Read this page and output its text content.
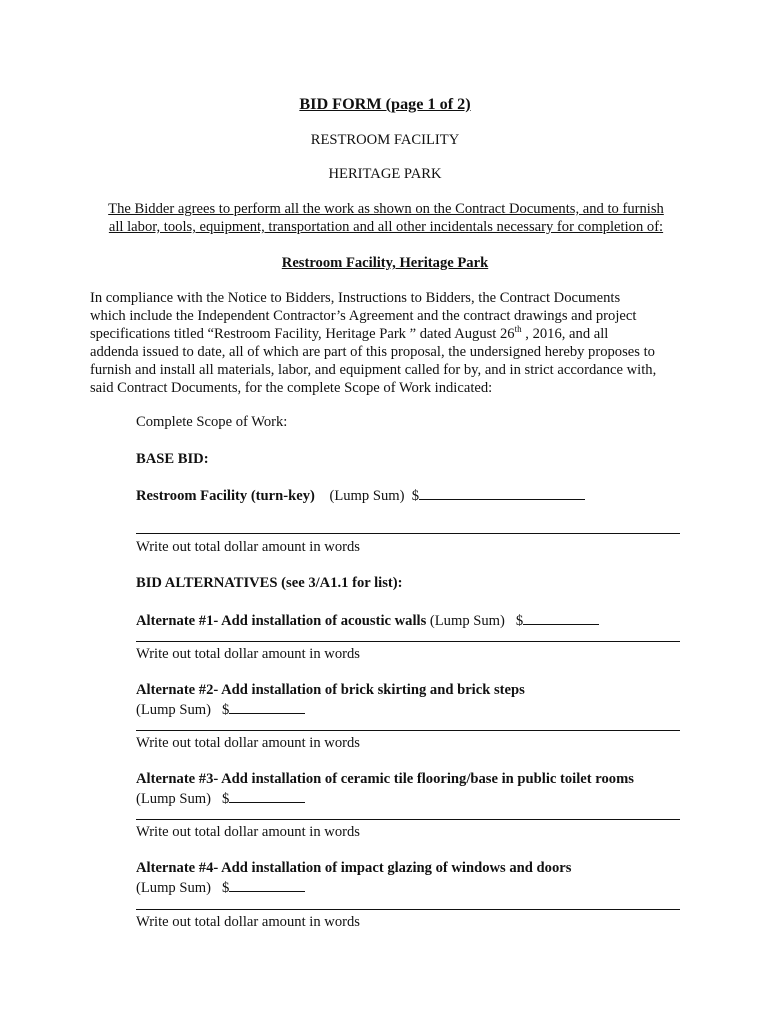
BID FORM (page 1 of 2)
RESTROOM FACILITY
HERITAGE PARK
The Bidder agrees to perform all the work as shown on the Contract Documents, and to furnish
all labor, tools, equipment, transportation and all other incidentals necessary for completion of:
Restroom Facility, Heritage Park
In compliance with the Notice to Bidders, Instructions to Bidders, the Contract Documents
which include the Independent Contractor’s Agreement and the contract drawings and project
specifications titled “Restroom Facility, Heritage Park ” dated August 26th , 2016, and all
addenda issued to date, all of which are part of this proposal, the undersigned hereby proposes to
furnish and install all materials, labor, and equipment called for by, and in strict accordance with,
said Contract Documents, for the complete Scope of Work indicated:
Complete Scope of Work:
BASE BID:
Restroom Facility (turn-key) (Lump Sum) $
Write out total dollar amount in words
BID ALTERNATIVES (see 3/A1.1 for list):
Alternate #1- Add installation of acoustic walls (Lump Sum) $
Write out total dollar amount in words
Alternate #2- Add installation of brick skirting and brick steps
(Lump Sum) $
Write out total dollar amount in words
Alternate #3- Add installation of ceramic tile flooring/base in public toilet rooms
(Lump Sum) $
Write out total dollar amount in words
Alternate #4- Add installation of impact glazing of windows and doors
(Lump Sum) $
Write out total dollar amount in words
